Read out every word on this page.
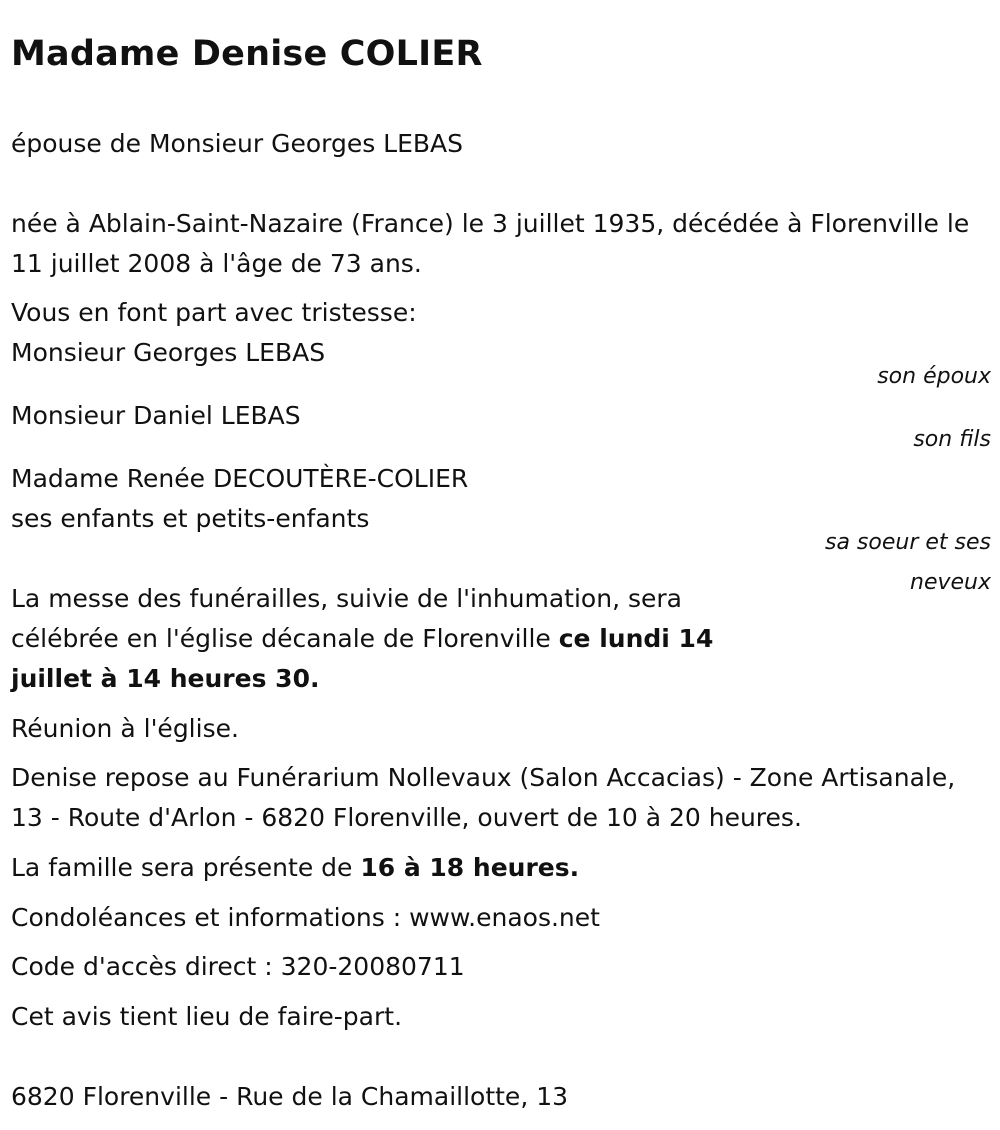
Madame Denise COLIER

épouse de Monsieur Georges LEBAS

née à Ablain-Saint-Nazaire (France) le 3 juillet 1935, décédée à Florenville le 11 juillet 2008 à l'âge de 73 ans.

Vous en font part avec tristesse:

Monsieur Georges LEBAS

son époux

Monsieur Daniel LEBAS

son fils

Madame Renée DECOUTÈRE-COLIER

ses enfants et petits-enfants

sa soeur et ses neveux

La messe des funérailles, suivie de l'inhumation, sera célébrée en l'église décanale de Florenville ce lundi 14 juillet à 14 heures 30.

Réunion à l'église.

Denise repose au Funérarium Nollevaux (Salon Accacias) - Zone Artisanale, 13 - Route d'Arlon - 6820 Florenville, ouvert de 10 à 20 heures.

La famille sera présente de 16 à 18 heures.

Condoléances et informations : www.enaos.net

Code d'accès direct : 320-20080711

Cet avis tient lieu de faire-part.

6820 Florenville - Rue de la Chamaillotte, 13
